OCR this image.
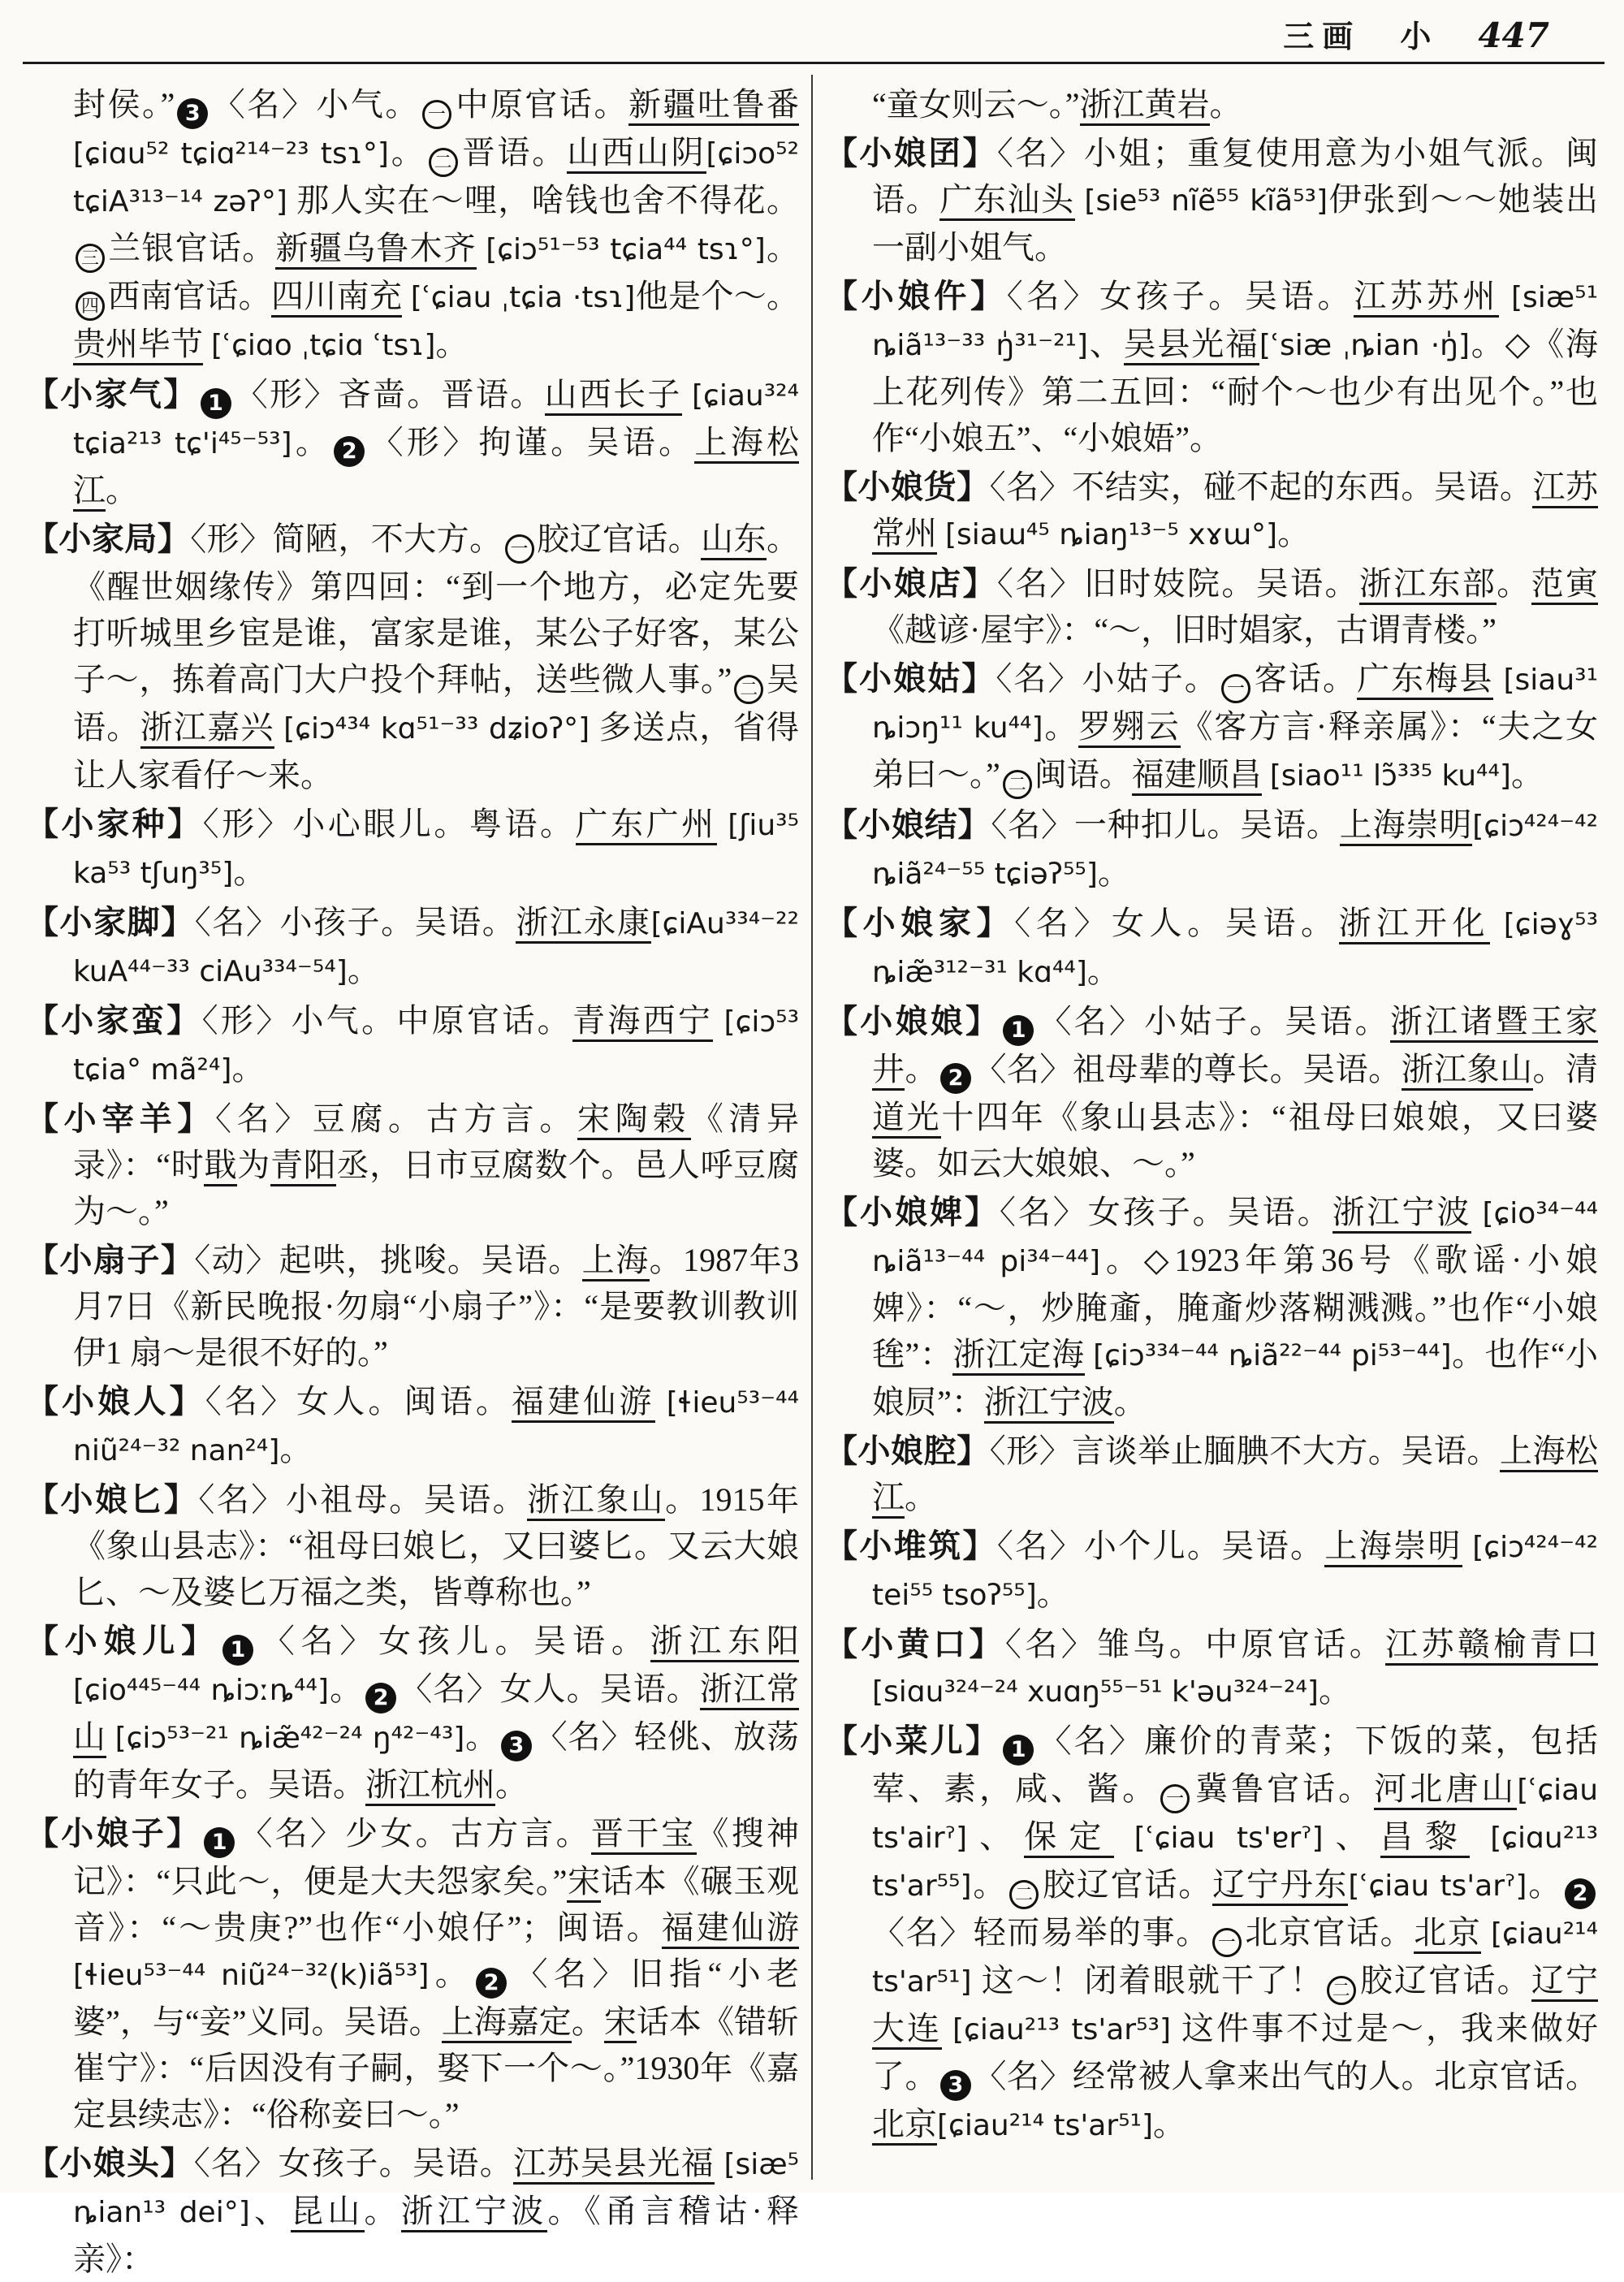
三画 小 447

封侯。” 3 〈名〉小气。 一 中原官话。新疆吐鲁番 [ɕiɑu⁵² tɕiɑ²¹⁴⁻²³ tsɿ°]。 二 晋语。山西山阴[ɕiɔo⁵² tɕiA³¹³⁻¹⁴ zəʔ°] 那人实在～哩，啥钱也舍不得花。三 兰银官话。新疆乌鲁木齐 [ɕiɔ⁵¹⁻⁵³ tɕia⁴⁴ tsɿ°]。四 西南官话。四川南充 [ʿɕiau ˌtɕia ·tsɿ]他是个～。贵州毕节 [ʿɕiɑo ˌtɕiɑ ʿtsɿ]。

【小家气】 1 〈形〉吝啬。晋语。山西长子 [ɕiau³²⁴ tɕia²¹³ tɕ'i⁴⁵⁻⁵³]。 2 〈形〉拘谨。吴语。上海松江。

【小家局】〈形〉简陋，不大方。 一 胶辽官话。山东。《醒世姻缘传》第四回：“到一个地方，必定先要打听城里乡宦是谁，富家是谁，某公子好客，某公子～，拣着高门大户投个拜帖，送些微人事。” 二 吴语。浙江嘉兴 [ɕiɔ⁴³⁴ kɑ⁵¹⁻³³ dʑioʔ°] 多送点，省得让人家看仔～来。

【小家种】〈形〉小心眼儿。粤语。广东广州 [ʃiu³⁵ ka⁵³ tʃuŋ³⁵]。

【小家脚】〈名〉小孩子。吴语。浙江永康[ɕiAu³³⁴⁻²² kuA⁴⁴⁻³³ ciAu³³⁴⁻⁵⁴]。

【小家蛮】〈形〉小气。中原官话。青海西宁 [ɕiɔ⁵³ tɕia° mã²⁴]。

【小宰羊】〈名〉豆腐。古方言。宋陶榖《清异录》：“时戢为青阳丞，日市豆腐数个。邑人呼豆腐为～。”

【小扇子】〈动〉起哄，挑唆。吴语。上海。1987年3月7日《新民晚报·勿扇“小扇子”》：“是要教训教训伊1 扇～是很不好的。”

【小娘人】〈名〉女人。闽语。福建仙游 [ɬieu⁵³⁻⁴⁴ niũ²⁴⁻³² nan²⁴]。

【小娘匕】〈名〉小祖母。吴语。浙江象山。1915年《象山县志》：“祖母曰娘匕，又曰婆匕。又云大娘匕、～及婆匕万福之类，皆尊称也。”

【小娘儿】 1 〈名〉女孩儿。吴语。浙江东阳[ɕio⁴⁴⁵⁻⁴⁴ ȵiɔːȵ⁴⁴]。 2 〈名〉女人。吴语。浙江常山 [ɕiɔ⁵³⁻²¹ ȵiæ̃⁴²⁻²⁴ ŋ⁴²⁻⁴³]。 3 〈名〉轻佻、放荡的青年女子。吴语。浙江杭州。

【小娘子】 1 〈名〉少女。古方言。晋干宝《搜神记》：“只此～，便是大夫怨家矣。”宋话本《碾玉观音》：“～贵庚?”也作“小娘仔”；闽语。福建仙游 [ɬieu⁵³⁻⁴⁴ niũ²⁴⁻³²(k)iã⁵³]。 2 〈名〉旧指“小老婆”，与“妾”义同。吴语。上海嘉定。宋话本《错斩崔宁》：“后因没有子嗣，娶下一个～。”1930年《嘉定县续志》：“俗称妾曰～。”

【小娘头】〈名〉女孩子。吴语。江苏吴县光福 [siæ⁵ ȵian¹³ dei°]、昆山。浙江宁波。《甬言稽诂·释亲》：

“童女则云～。”浙江黄岩。

【小娘囝】〈名〉小姐；重复使用意为小姐气派。闽语。广东汕头 [sie⁵³ nĩẽ⁵⁵ kĩã⁵³]伊张到～～她装出一副小姐气。

【小娘仵】〈名〉女孩子。吴语。江苏苏州 [siæ⁵¹ ȵiã¹³⁻³³ ŋ̍³¹⁻²¹]、吴县光福[ʿsiæ ˌȵian ·ŋ̍]。◇《海上花列传》第二五回：“耐个～也少有出见个。”也作“小娘五”、“小娘娪”。

【小娘货】〈名〉不结实，碰不起的东西。吴语。江苏常州 [siaɯ⁴⁵ ȵiaŋ¹³⁻⁵ xɤɯ°]。

【小娘店】〈名〉旧时妓院。吴语。浙江东部。范寅《越谚·屋宇》：“～，旧时娼家，古谓青楼。”

【小娘姑】〈名〉小姑子。 一 客话。广东梅县 [siau³¹ ȵiɔŋ¹¹ ku⁴⁴]。罗翙云《客方言·释亲属》：“夫之女弟曰～。” 二 闽语。福建顺昌 [siao¹¹ lɔ̃³³⁵ ku⁴⁴]。

【小娘结】〈名〉一种扣儿。吴语。上海崇明[ɕiɔ⁴²⁴⁻⁴² ȵiã²⁴⁻⁵⁵ tɕiəʔ⁵⁵]。

【小娘家】〈名〉女人。吴语。浙江开化 [ɕiəɣ⁵³ ȵiæ̃³¹²⁻³¹ kɑ⁴⁴]。

【小娘娘】 1 〈名〉小姑子。吴语。浙江诸暨王家井。 2 〈名〉祖母辈的尊长。吴语。浙江象山。清道光十四年《象山县志》：“祖母曰娘娘，又曰婆婆。如云大娘娘、～。”

【小娘婢】〈名〉女孩子。吴语。浙江宁波 [ɕio³⁴⁻⁴⁴ ȵiã¹³⁻⁴⁴ pi³⁴⁻⁴⁴]。◇1923年第36号《歌谣·小娘婢》：“～，炒腌齑，腌齑炒落糊溅溅。”也作“小娘毪”：浙江定海 [ɕiɔ³³⁴⁻⁴⁴ ȵiã²²⁻⁴⁴ pi⁵³⁻⁴⁴]。也作“小娘屃”：浙江宁波。

【小娘腔】〈形〉言谈举止腼腆不大方。吴语。上海松江。

【小堆筑】〈名〉小个儿。吴语。上海崇明 [ɕiɔ⁴²⁴⁻⁴² tei⁵⁵ tsoʔ⁵⁵]。

【小黄口】〈名〉雏鸟。中原官话。江苏赣榆青口 [siɑu³²⁴⁻²⁴ xuɑŋ⁵⁵⁻⁵¹ k'əu³²⁴⁻²⁴]。

【小菜儿】 1 〈名〉廉价的青菜；下饭的菜，包括荤、素，咸、酱。 一 冀鲁官话。河北唐山[ʿɕiau ts'airˀ]、保定 [ʿɕiau ts'ɐrˀ]、昌黎 [ɕiɑu²¹³ ts'ar⁵⁵]。 二 胶辽官话。辽宁丹东[ʿɕiau ts'arˀ]。 2〈名〉轻而易举的事。 一 北京官话。北京 [ɕiau²¹⁴ ts'ar⁵¹] 这～！闭着眼就干了！ 二 胶辽官话。辽宁大连 [ɕiau²¹³ ts'ar⁵³] 这件事不过是～，我来做好了。 3 〈名〉经常被人拿来出气的人。北京官话。北京[ɕiau²¹⁴ ts'ar⁵¹]。
